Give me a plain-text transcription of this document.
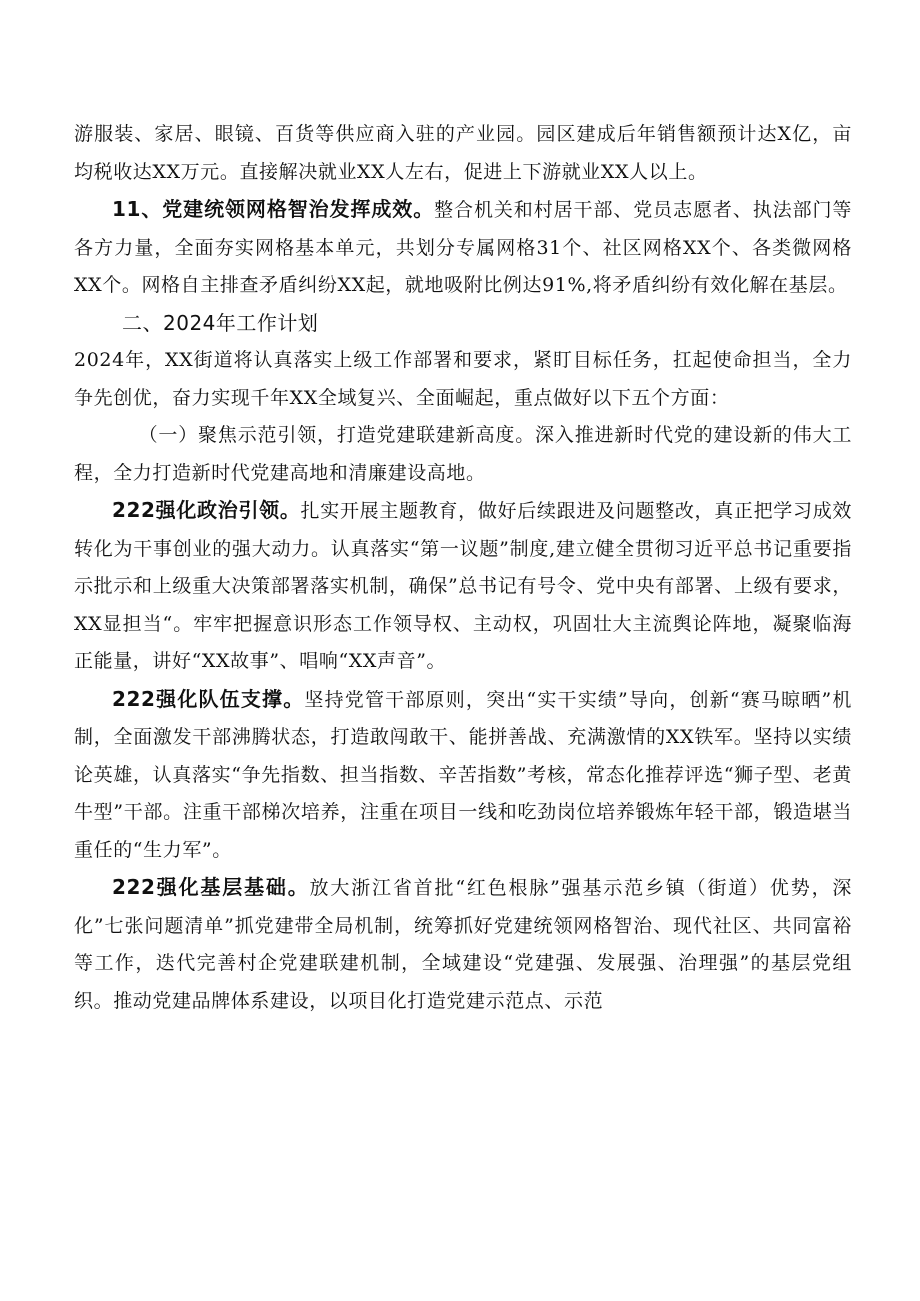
游服装、家居、眼镜、百货等供应商入驻的产业园。园区建成后年销售额预计达X亿，亩均税收达XX万元。直接解决就业XX人左右，促进上下游就业XX人以上。

11、党建统领网格智治发挥成效。整合机关和村居干部、党员志愿者、执法部门等各方力量，全面夯实网格基本单元，共划分专属网格31个、社区网格XX个、各类微网格XX个。网格自主排查矛盾纠纷XX起，就地吸附比例达91%,将矛盾纠纷有效化解在基层。

二、2024年工作计划

2024年，XX街道将认真落实上级工作部署和要求，紧盯目标任务，扛起使命担当，全力争先创优，奋力实现千年XX全域复兴、全面崛起，重点做好以下五个方面：

（一）聚焦示范引领，打造党建联建新高度。深入推进新时代党的建设新的伟大工程，全力打造新时代党建高地和清廉建设高地。

222强化政治引领。扎实开展主题教育，做好后续跟进及问题整改，真正把学习成效转化为干事创业的强大动力。认真落实“第一议题”制度,建立健全贯彻习近平总书记重要指示批示和上级重大决策部署落实机制，确保”总书记有号令、党中央有部署、上级有要求，XX显担当“。牢牢把握意识形态工作领导权、主动权，巩固壮大主流舆论阵地，凝聚临海正能量，讲好“XX故事”、唱响“XX声音”。

222强化队伍支撑。坚持党管干部原则，突出“实干实绩”导向，创新“赛马晾晒”机制，全面激发干部沸腾状态，打造敢闯敢干、能拼善战、充满激情的XX铁军。坚持以实绩论英雄，认真落实“争先指数、担当指数、辛苦指数”考核，常态化推荐评选“狮子型、老黄牛型”干部。注重干部梯次培养，注重在项目一线和吃劲岗位培养锻炼年轻干部，锻造堪当重任的“生力军”。

222强化基层基础。放大浙江省首批“红色根脉”强基示范乡镇（街道）优势，深化”七张问题清单”抓党建带全局机制，统筹抓好党建统领网格智治、现代社区、共同富裕等工作，迭代完善村企党建联建机制，全域建设“党建强、发展强、治理强”的基层党组织。推动党建品牌体系建设，以项目化打造党建示范点、示范
